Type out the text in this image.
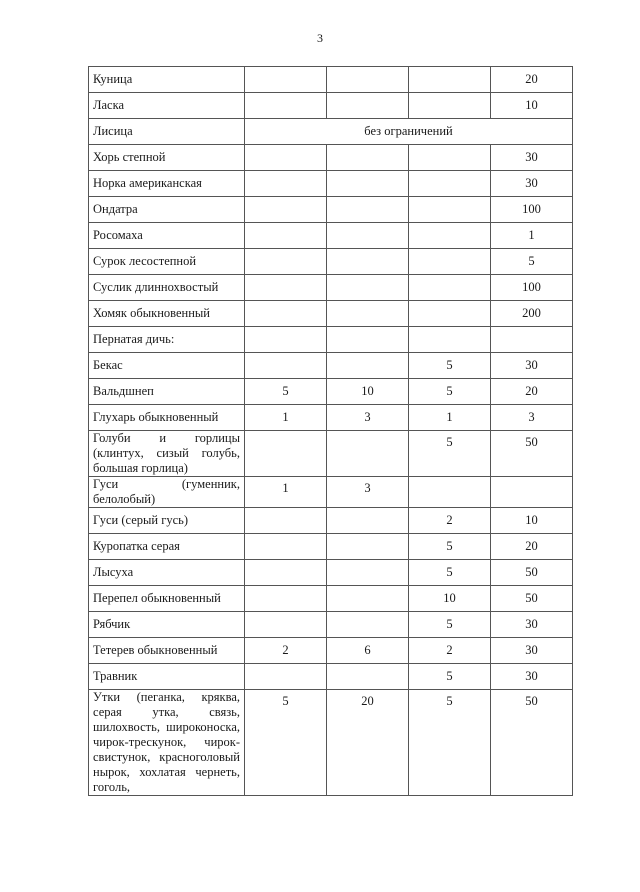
3
Куница				20
Ласка				10
Лисица	без ограничений			
Хорь степной				30
Норка американская				30
Ондатра				100
Росомаха				1
Сурок лесостепной				5
Суслик длиннохвостый				100
Хомяк обыкновенный				200
Пернатая дичь:				
Бекас			5	30
Вальдшнеп	5	10	5	20
Глухарь обыкновенный	1	3	1	3
Голуби и горлицы (клинтух, сизый голубь, большая горлица)			5	50
Гуси (гуменник, белолобый)	1	3		
Гуси (серый гусь)			2	10
Куропатка серая			5	20
Лысуха			5	50
Перепел обыкновенный			10	50
Рябчик			5	30
Тетерев обыкновенный	2	6	2	30
Травник			5	30
Утки (пеганка, кряква, серая утка, связь, шилохвость, широконоска, чирок-трескунок, чирок-свистунок, красноголовый нырок, хохлатая чернеть, гоголь,	5	20	5	50
